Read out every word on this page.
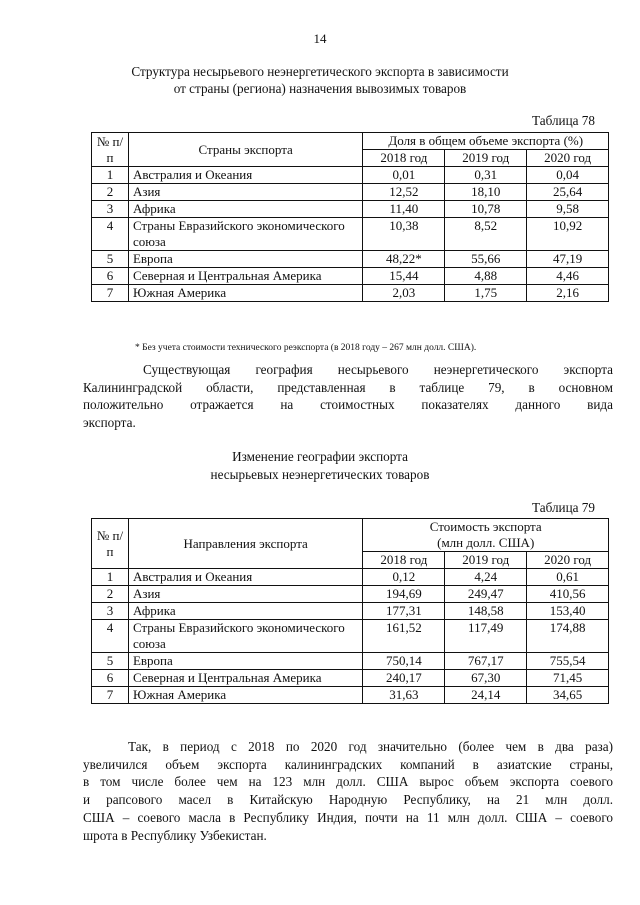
14
Структура несырьевого неэнергетического экспорта в зависимости
от страны (региона) назначения вывозимых товаров
Таблица 78
№ п/п	Страны экспорта	Доля в общем объеме экспорта (%)		
		2018 год	2019 год	2020 год
1	Австралия и Океания	0,01	0,31	0,04
2	Азия	12,52	18,10	25,64
3	Африка	11,40	10,78	9,58
4	Страны Евразийского экономического союза	10,38	8,52	10,92
5	Европа	48,22*	55,66	47,19
6	Северная и Центральная Америка	15,44	4,88	4,46
7	Южная Америка	2,03	1,75	2,16
* Без учета стоимости технического реэкспорта (в 2018 году – 267 млн долл. США).
Существующая география несырьевого неэнергетического экспорта
Калининградской области, представленная в таблице 79, в основном
положительно отражается на стоимостных показателях данного вида
экспорта.
Изменение географии экспорта
несырьевых неэнергетических товаров
Таблица 79
№ п/п	Направления экспорта	Стоимость экспорта
(млн долл. США)		

		2018 год	2019 год	2020 год
1	Австралия и Океания	0,12	4,24	0,61
2	Азия	194,69	249,47	410,56
3	Африка	177,31	148,58	153,40
4	Страны Евразийского экономического союза	161,52	117,49	174,88
5	Европа	750,14	767,17	755,54
6	Северная и Центральная Америка	240,17	67,30	71,45
7	Южная Америка	31,63	24,14	34,65
Так, в период с 2018 по 2020 год значительно (более чем в два раза)
увеличился объем экспорта калининградских компаний в азиатские страны,
в том числе более чем на 123 млн долл. США вырос объем экспорта соевого
и рапсового масел в Китайскую Народную Республику, на 21 млн долл.
США – соевого масла в Республику Индия, почти на 11 млн долл. США – соевого
шрота в Республику Узбекистан.
